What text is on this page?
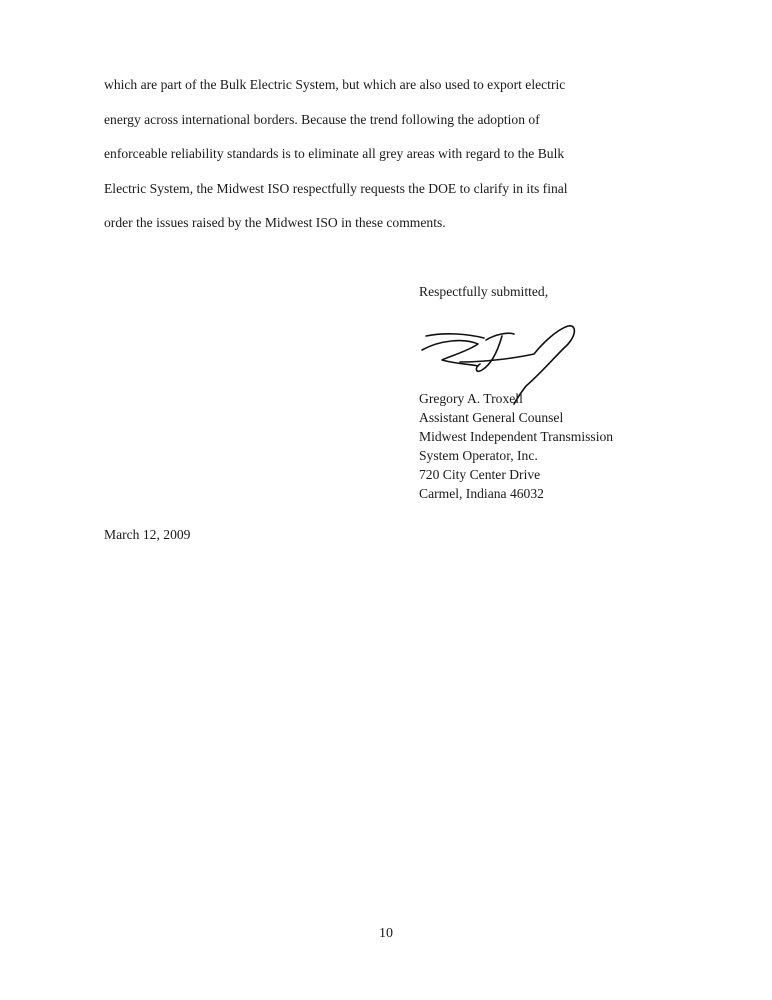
which are part of the Bulk Electric System, but which are also used to export electric
energy across international borders. Because the trend following the adoption of
enforceable reliability standards is to eliminate all grey areas with regard to the Bulk
Electric System, the Midwest ISO respectfully requests the DOE to clarify in its final
order the issues raised by the Midwest ISO in these comments.

Respectfully submitted,

Gregory A. Troxell
Assistant General Counsel
Midwest Independent Transmission
System Operator, Inc.
720 City Center Drive
Carmel, Indiana 46032

March 12, 2009

10
